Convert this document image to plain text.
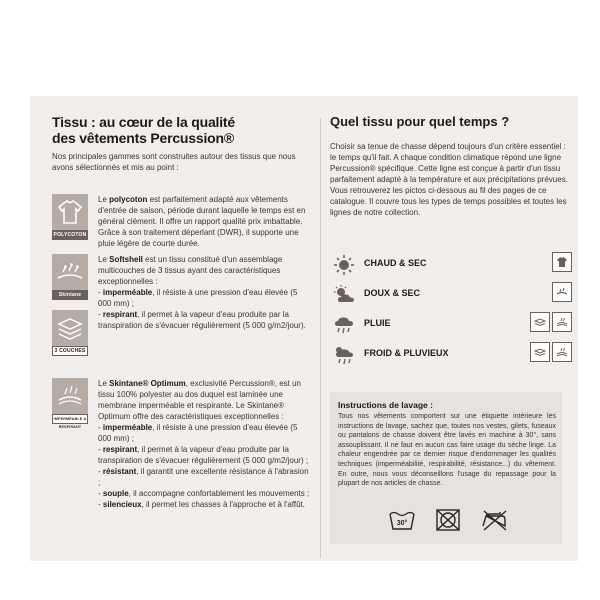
Tissu : au cœur de la qualité
des vêtements Percussion®
Nos principales gammes sont construites autour des tissus que nous avons sélectionnés et mis au point :
POLYCOTON
Le polycoton est parfaitement adapté aux vêtements d'entrée de saison, période durant laquelle le temps est en général clément. Il offre un rapport qualité prix imbattable. Grâce à son traitement déperlant (DWR), il supporte une pluie légère de courte durée.
Skintane
Le Softshell est un tissu constitué d'un assemblage multicouches de 3 tissus ayant des caractéristiques exceptionnelles :
- imperméable, il résiste à une pression d'eau élevée (5 000 mm) ;
- respirant, il permet à la vapeur d'eau produite par la transpiration de s'évacuer régulièrement (5 000 g/m2/jour).
3 COUCHES
IMPERMÉABLE & RESPIRANT
Le Skintane® Optimum, exclusivité Percussion®, est un tissu 100% polyester au dos duquel est laminée une membrane imperméable et respirante. Le Skintane® Optimum offre des caractéristiques exceptionnelles :
- imperméable, il résiste à une pression d'eau élevée (5 000 mm) ;
- respirant, il permet à la vapeur d'eau produite par la transpiration de s'évacuer régulièrement (5 000 g/m2/jour) ;
- résistant, il garantit une excellente résistance à l'abrasion ;
- souple, il accompagne confortablement les mouvements ;
- silencieux, il permet les chasses à l'approche et à l'affût.
Quel tissu pour quel temps ?
Choisir sa tenue de chasse dépend toujours d'un critère essentiel : le temps qu'il fait. A chaque condition climatique répond une ligne Percussion® spécifique. Cette ligne est conçue à partir d'un tissu parfaitement adapté à la température et aux précipitations prévues. Vous retrouverez les pictos ci-dessous au fil des pages de ce catalogue. Il couvre tous les types de temps possibles et toutes les lignes de notre collection.
CHAUD & SEC
DOUX & SEC
PLUIE
FROID & PLUVIEUX
Instructions de lavage :
Tous nos vêtements comportent sur une étiquette intérieure les instructions de lavage, sachez que, toutes nos vestes, gilets, fuseaux ou pantalons de chasse doivent être lavés en machine à 30°, sans assouplissant. Il ne faut en aucun cas faire usage du sèche linge. La chaleur engendrée par ce dernier risque d'endommager les qualités techniques (imperméabilité, respirabilité, résistance...) du vêtement. En outre, nous vous déconseillons l'usage du repassage pour la plupart de nos articles de chasse.
30°
